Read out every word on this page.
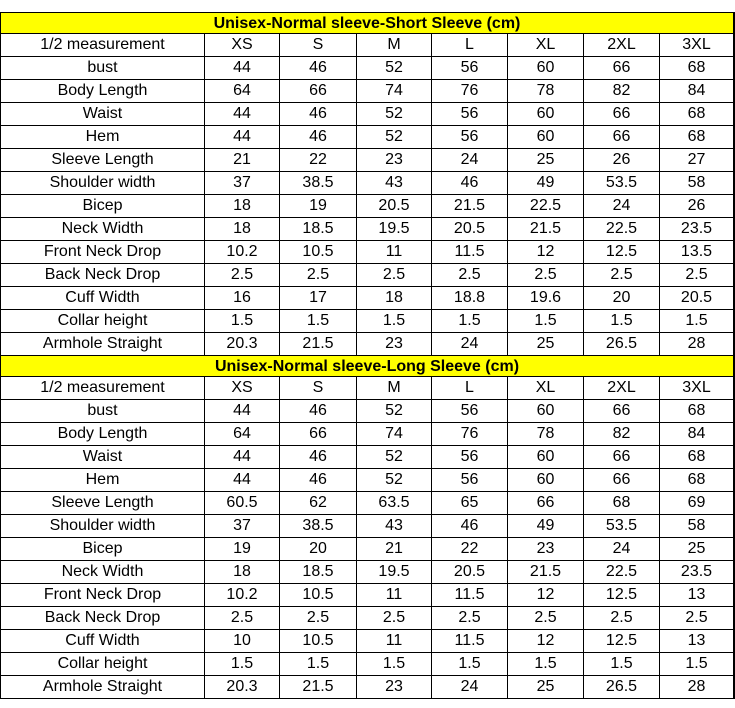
Unisex-Normal sleeve-Short Sleeve (cm)
1/2 measurement	XS	S	M	L	XL	2XL	3XL
bust	44	46	52	56	60	66	68
Body Length	64	66	74	76	78	82	84
Waist	44	46	52	56	60	66	68
Hem	44	46	52	56	60	66	68
Sleeve Length	21	22	23	24	25	26	27
Shoulder width	37	38.5	43	46	49	53.5	58
Bicep	18	19	20.5	21.5	22.5	24	26
Neck Width	18	18.5	19.5	20.5	21.5	22.5	23.5
Front Neck Drop	10.2	10.5	11	11.5	12	12.5	13.5
Back Neck Drop	2.5	2.5	2.5	2.5	2.5	2.5	2.5
Cuff Width	16	17	18	18.8	19.6	20	20.5
Collar height	1.5	1.5	1.5	1.5	1.5	1.5	1.5
Armhole Straight	20.3	21.5	23	24	25	26.5	28
Unisex-Normal sleeve-Long Sleeve (cm)
1/2 measurement	XS	S	M	L	XL	2XL	3XL
bust	44	46	52	56	60	66	68
Body Length	64	66	74	76	78	82	84
Waist	44	46	52	56	60	66	68
Hem	44	46	52	56	60	66	68
Sleeve Length	60.5	62	63.5	65	66	68	69
Shoulder width	37	38.5	43	46	49	53.5	58
Bicep	19	20	21	22	23	24	25
Neck Width	18	18.5	19.5	20.5	21.5	22.5	23.5
Front Neck Drop	10.2	10.5	11	11.5	12	12.5	13
Back Neck Drop	2.5	2.5	2.5	2.5	2.5	2.5	2.5
Cuff Width	10	10.5	11	11.5	12	12.5	13
Collar height	1.5	1.5	1.5	1.5	1.5	1.5	1.5
Armhole Straight	20.3	21.5	23	24	25	26.5	28
